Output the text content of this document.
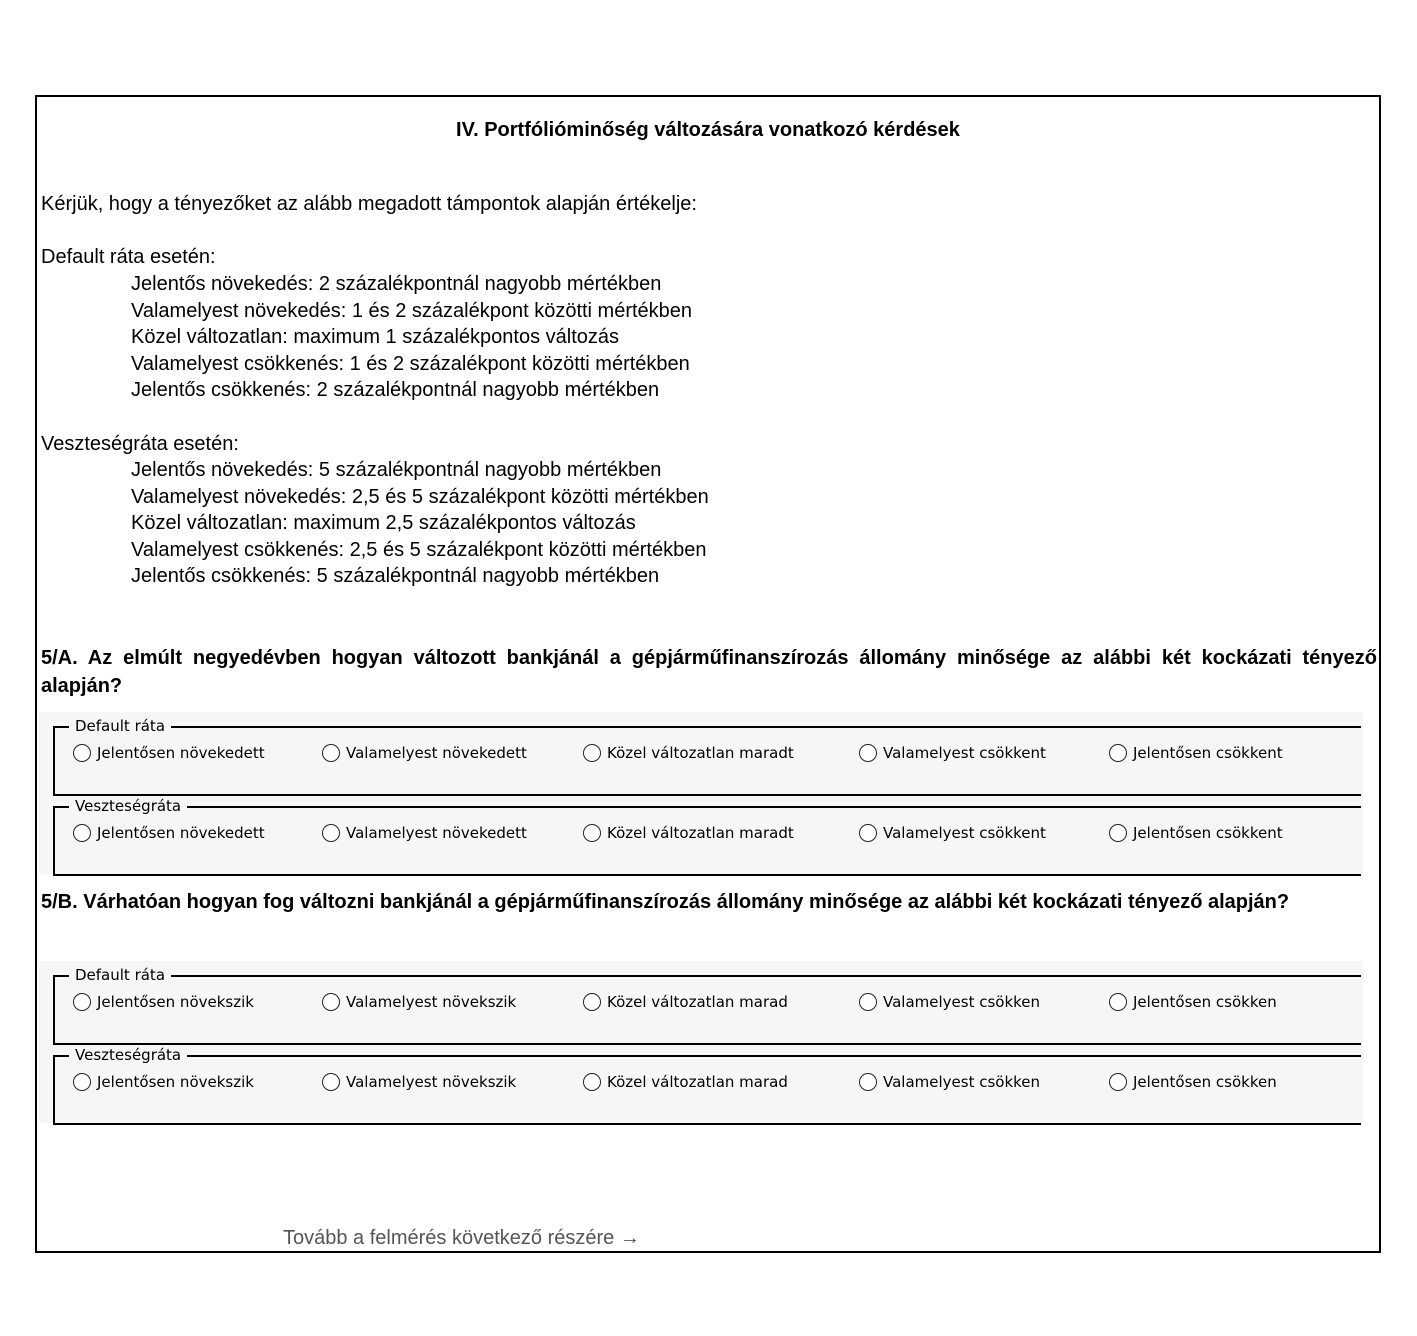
IV. Portfólióminőség változására vonatkozó kérdések

Kérjük, hogy a tényezőket az alább megadott támpontok alapján értékelje:

Default ráta esetén:

Jelentős növekedés: 2 százalékpontnál nagyobb mértékben
Valamelyest növekedés: 1 és 2 százalékpont közötti mértékben
Közel változatlan: maximum 1 százalékpontos változás
Valamelyest csökkenés: 1 és 2 százalékpont közötti mértékben
Jelentős csökkenés: 2 százalékpontnál nagyobb mértékben

Veszteségráta esetén:

Jelentős növekedés: 5 százalékpontnál nagyobb mértékben
Valamelyest növekedés: 2,5 és 5 százalékpont közötti mértékben
Közel változatlan: maximum 2,5 százalékpontos változás
Valamelyest csökkenés: 2,5 és 5 százalékpont közötti mértékben
Jelentős csökkenés: 5 százalékpontnál nagyobb mértékben

5/A. Az elmúlt negyedévben hogyan változott bankjánál a gépjárműfinanszírozás állomány minősége az alábbi két kockázati tényező alapján?

Default ráta
Jelentősen növekedett	Valamelyest növekedett	Közel változatlan maradt	Valamelyest csökkent	Jelentősen csökkent
Veszteségráta
Jelentősen növekedett	Valamelyest növekedett	Közel változatlan maradt	Valamelyest csökkent	Jelentősen csökkent

5/B. Várhatóan hogyan fog változni bankjánál a gépjárműfinanszírozás állomány minősége az alábbi két kockázati tényező alapján?

Default ráta
Jelentősen növekszik	Valamelyest növekszik	Közel változatlan marad	Valamelyest csökken	Jelentősen csökken
Veszteségráta
Jelentősen növekszik	Valamelyest növekszik	Közel változatlan marad	Valamelyest csökken	Jelentősen csökken
Tovább a felmérés következő részére →
